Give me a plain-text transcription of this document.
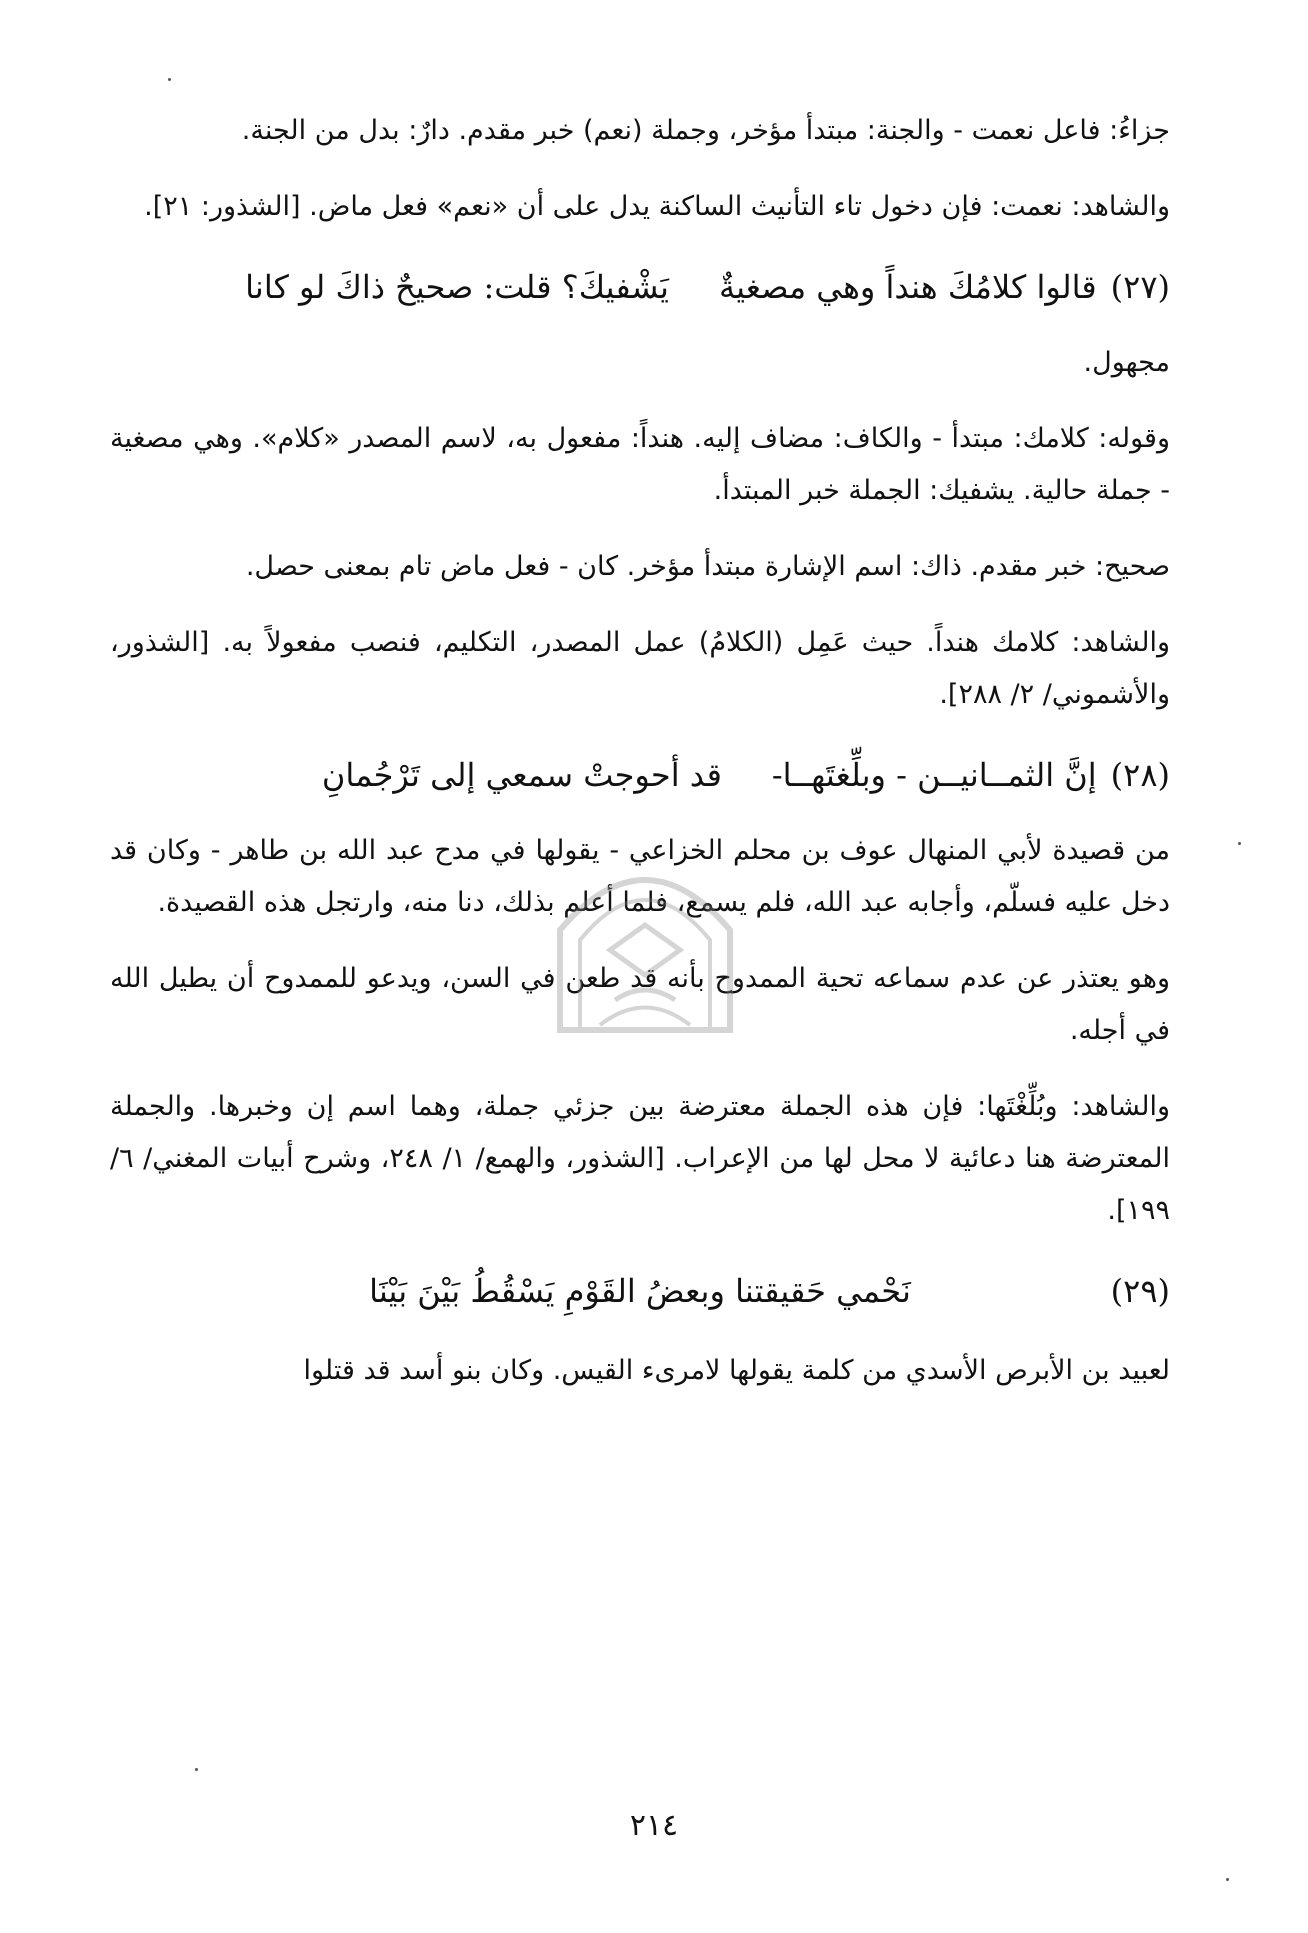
جزاءُ: فاعل نعمت - والجنة: مبتدأ مؤخر، وجملة (نعم) خبر مقدم. دارٌ: بدل من الجنة.

والشاهد: نعمت: فإن دخول تاء التأنيث الساكنة يدل على أن «نعم» فعل ماض. [الشذور: ٢١].

(٢٧)قالوا كلامُكَ هنداً وهي مصغيةٌيَشْفيكَ؟ قلت: صحيحٌ ذاكَ لو كانا

مجهول.

وقوله: كلامك: مبتدأ - والكاف: مضاف إليه. هنداً: مفعول به، لاسم المصدر «كلام». وهي مصغية - جملة حالية. يشفيك: الجملة خبر المبتدأ.

صحيح: خبر مقدم. ذاك: اسم الإشارة مبتدأ مؤخر. كان - فعل ماض تام بمعنى حصل.

والشاهد: كلامك هنداً. حيث عَمِل (الكلامُ) عمل المصدر، التكليم، فنصب مفعولاً به. [الشذور، والأشموني/ ٢/ ٢٨٨].

(٢٨)إنَّ الثمــانيــن - وبلِّغتَهــا-قد أحوجتْ سمعي إلى تَرْجُمانِ

من قصيدة لأبي المنهال عوف بن محلم الخزاعي - يقولها في مدح عبد الله بن طاهر - وكان قد دخل عليه فسلّم، وأجابه عبد الله، فلم يسمع، فلما أعلم بذلك، دنا منه، وارتجل هذه القصيدة.

وهو يعتذر عن عدم سماعه تحية الممدوح بأنه قد طعن في السن، ويدعو للممدوح أن يطيل الله في أجله.

والشاهد: وبُلِّغْتَها: فإن هذه الجملة معترضة بين جزئي جملة، وهما اسم إن وخبرها. والجملة المعترضة هنا دعائية لا محل لها من الإعراب. [الشذور، والهمع/ ١/ ٢٤٨، وشرح أبيات المغني/ ٦/ ١٩٩].

(٢٩)
نَحْمي حَقيقتنا وبعضُ القَوْمِ يَسْقُطُ بَيْنَ بَيْنَا

لعبيد بن الأبرص الأسدي من كلمة يقولها لامرىء القيس. وكان بنو أسد قد قتلوا

٢١٤
